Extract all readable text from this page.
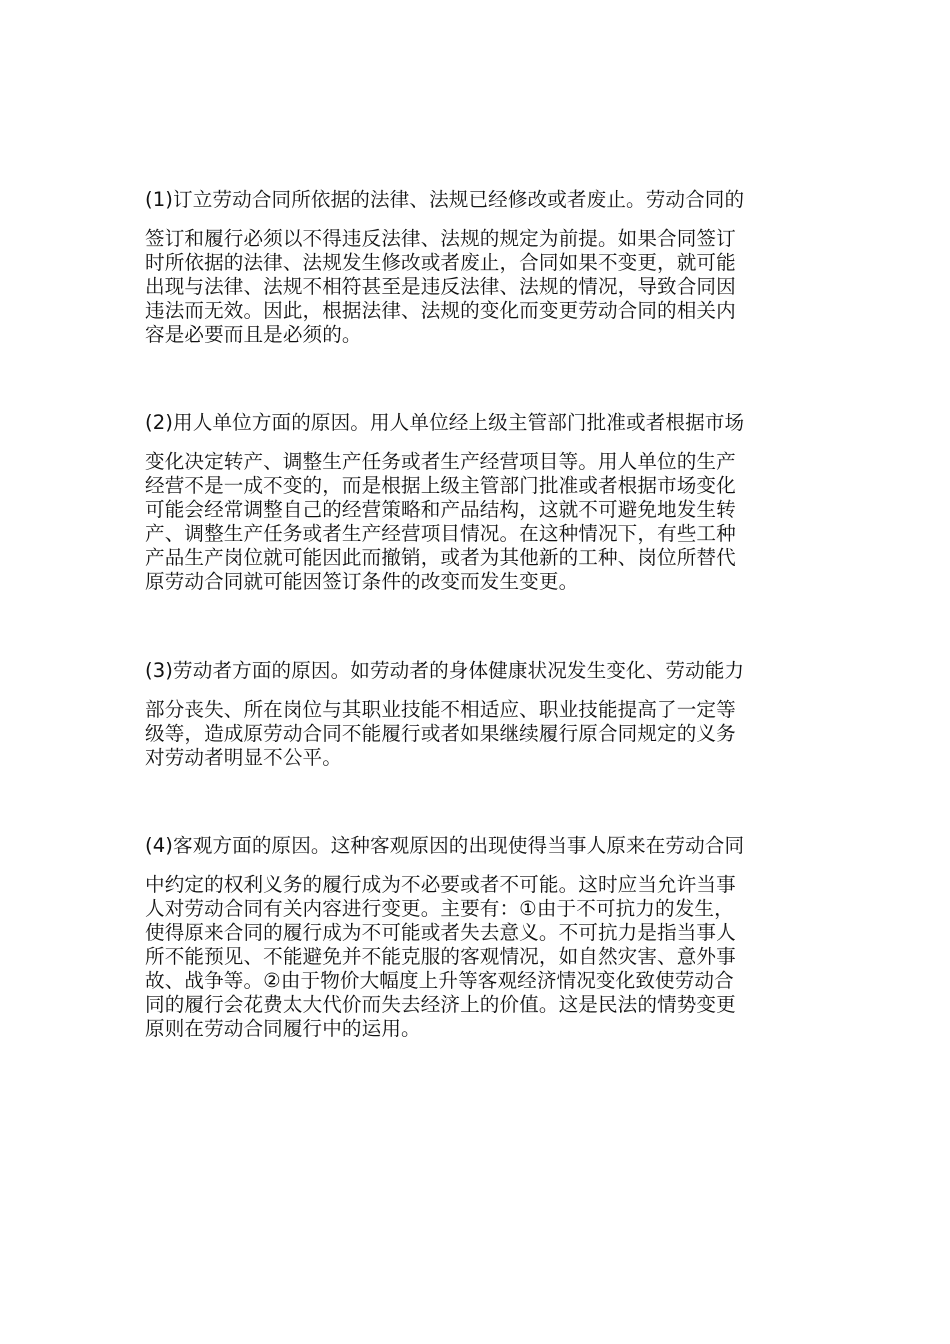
(1)订立劳动合同所依据的法律、法规已经修改或者废止。劳动合同的
签订和履行必须以不得违反法律、法规的规定为前提。如果合同签订
时所依据的法律、法规发生修改或者废止，合同如果不变更，就可能
出现与法律、法规不相符甚至是违反法律、法规的情况，导致合同因
违法而无效。因此，根据法律、法规的变化而变更劳动合同的相关内
容是必要而且是必须的。
(2)用人单位方面的原因。用人单位经上级主管部门批准或者根据市场
变化决定转产、调整生产任务或者生产经营项目等。用人单位的生产
经营不是一成不变的，而是根据上级主管部门批准或者根据市场变化
可能会经常调整自己的经营策略和产品结构，这就不可避免地发生转
产、调整生产任务或者生产经营项目情况。在这种情况下，有些工种
产品生产岗位就可能因此而撤销，或者为其他新的工种、岗位所替代
原劳动合同就可能因签订条件的改变而发生变更。
(3)劳动者方面的原因。如劳动者的身体健康状况发生变化、劳动能力
部分丧失、所在岗位与其职业技能不相适应、职业技能提高了一定等
级等，造成原劳动合同不能履行或者如果继续履行原合同规定的义务
对劳动者明显不公平。
(4)客观方面的原因。这种客观原因的出现使得当事人原来在劳动合同
中约定的权利义务的履行成为不必要或者不可能。这时应当允许当事
人对劳动合同有关内容进行变更。主要有：①由于不可抗力的发生，
使得原来合同的履行成为不可能或者失去意义。不可抗力是指当事人
所不能预见、不能避免并不能克服的客观情况，如自然灾害、意外事
故、战争等。②由于物价大幅度上升等客观经济情况变化致使劳动合
同的履行会花费太大代价而失去经济上的价值。这是民法的情势变更
原则在劳动合同履行中的运用。
